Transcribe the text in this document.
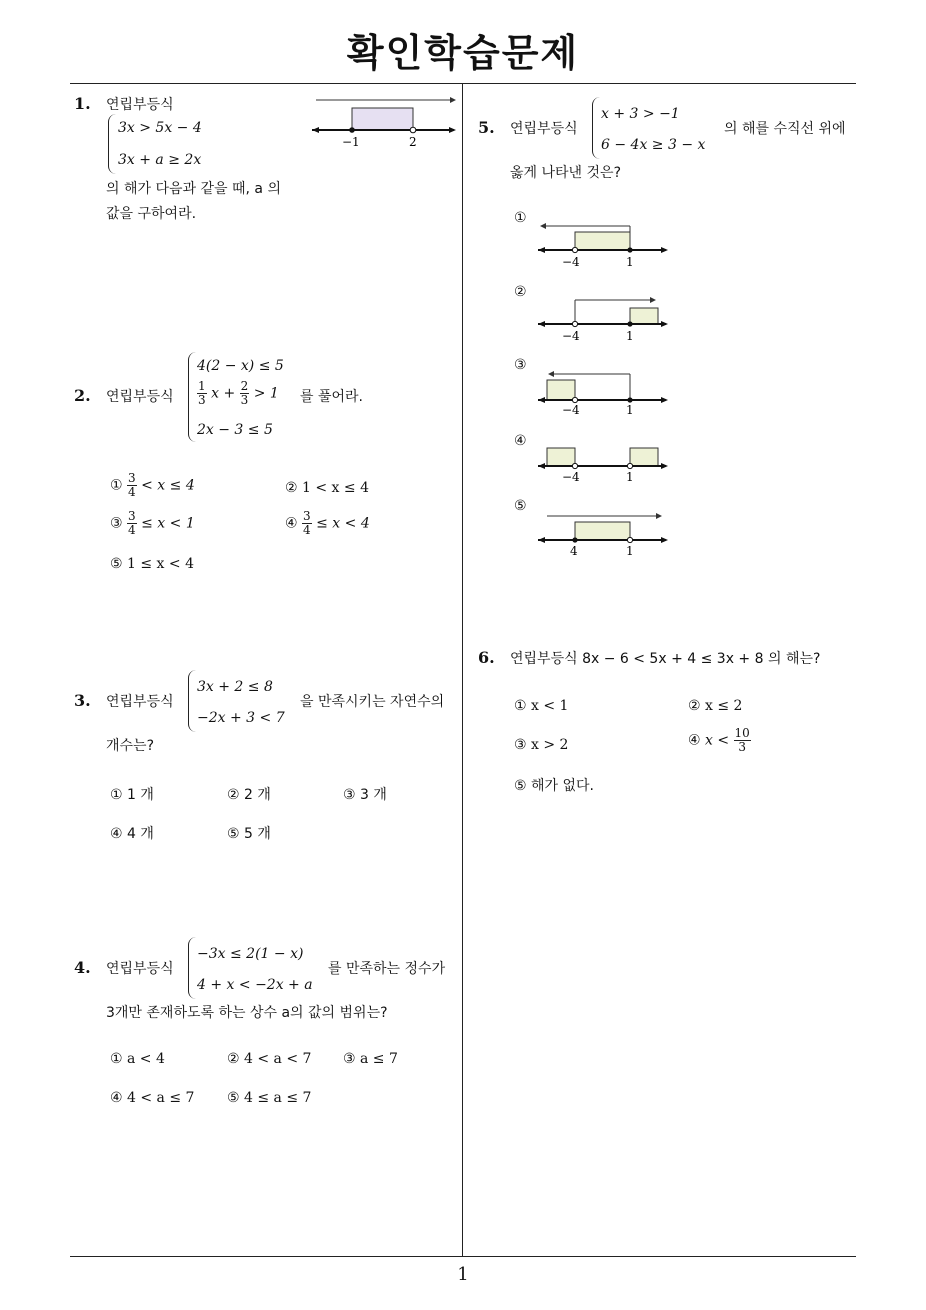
확인학습문제
1
1. 연립부등식
3x > 5x − 4
3x + a ≥ 2x
의 해가 다음과 같을 때, a 의
값을 구하여라.
−1	2
2. 연립부등식
4(2 − x) ≤ 5
$\frac{1}{3}$ $x + \frac{2}{3} > 1$
2x − 3 ≤ 5
를 풀어라.
① $\frac{3}{4} < x \le 4$	② 1 < x ≤ 4
③ $\frac{3}{4} \le x < 1$	④ $\frac{3}{4} \le x < 4$
⑤ 1 ≤ x < 4
3. 연립부등식
3x + 2 ≤ 8
−2x + 3 < 7
을 만족시키는 자연수의
개수는?
① 1 개	② 2 개	③ 3 개
④ 4 개	⑤ 5 개
4. 연립부등식
−3x ≤ 2(1 − x)
4 + x < −2x + a
를 만족하는 정수가
3개만 존재하도록 하는 상수 a의 값의 범위는?
① a < 4	② 4 < a < 7 ③ a ≤ 7
④ 4 < a ≤ 7 ⑤ 4 ≤ a ≤ 7
5. 연립부등식
x + 3 > −1
6 − 4x ≥ 3 − x
의 해를 수직선 위에
옳게 나타낸 것은?
①
−4	1
②
−4	1
③
−4	1
④
−4	1
⑤
4	1
6. 연립부등식 8x − 6 < 5x + 4 ≤ 3x + 8 의 해는?
① x < 1	② x ≤ 2
③ x > 2	④ $x < \frac{10}{3}$
⑤ 해가 없다.
